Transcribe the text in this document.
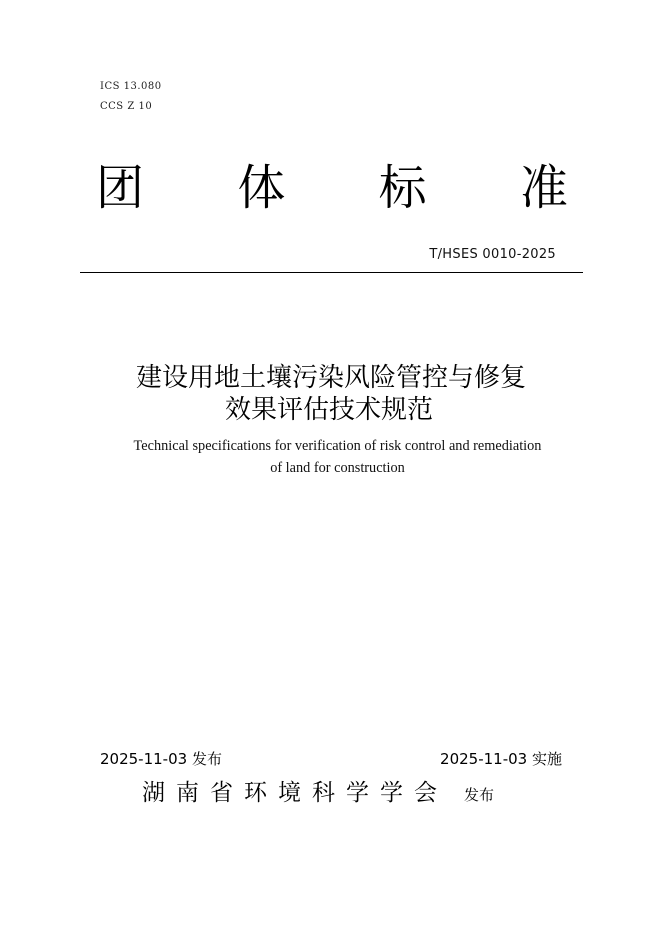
ICS 13.080
CCS Z 10
团 体 标 准
T/HSES 0010-2025
建设用地土壤污染风险管控与修复
效果评估技术规范
Technical specifications for verification of risk control and remediation
of land for construction
2025-11-03 发布	2025-11-03 实施
湖南省环境科学学会 发布
